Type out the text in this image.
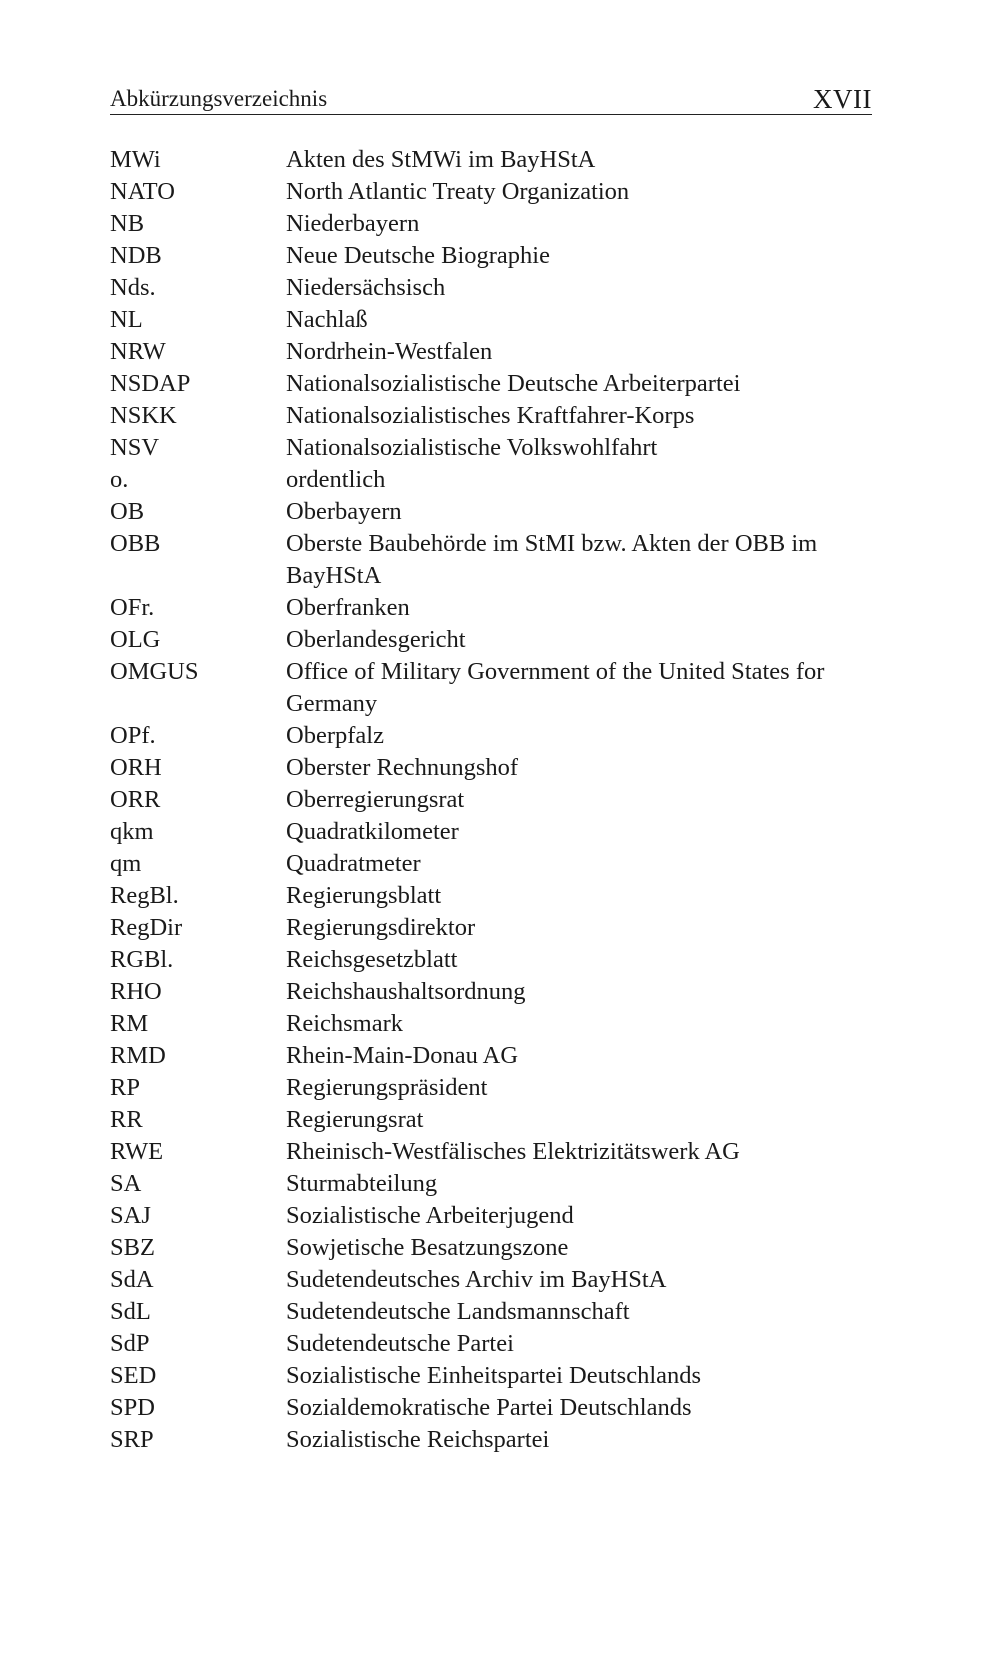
Abkürzungsverzeichnis	XVII
MWi	Akten des StMWi im BayHStA
NATO	North Atlantic Treaty Organization
NB	Niederbayern
NDB	Neue Deutsche Biographie
Nds.	Niedersächsisch
NL	Nachlaß
NRW	Nordrhein-Westfalen
NSDAP	Nationalsozialistische Deutsche Arbeiterpartei
NSKK	Nationalsozialistisches Kraftfahrer-Korps
NSV	Nationalsozialistische Volkswohlfahrt
o.	ordentlich
OB	Oberbayern
OBB	Oberste Baubehörde im StMI bzw. Akten der OBB im BayHStA
OFr.	Oberfranken
OLG	Oberlandesgericht
OMGUS	Office of Military Government of the United States for Germany
OPf.	Oberpfalz
ORH	Oberster Rechnungshof
ORR	Oberregierungsrat
qkm	Quadratkilometer
qm	Quadratmeter
RegBl.	Regierungsblatt
RegDir	Regierungsdirektor
RGBl.	Reichsgesetzblatt
RHO	Reichshaushaltsordnung
RM	Reichsmark
RMD	Rhein-Main-Donau AG
RP	Regierungspräsident
RR	Regierungsrat
RWE	Rheinisch-Westfälisches Elektrizitätswerk AG
SA	Sturmabteilung
SAJ	Sozialistische Arbeiterjugend
SBZ	Sowjetische Besatzungszone
SdA	Sudetendeutsches Archiv im BayHStA
SdL	Sudetendeutsche Landsmannschaft
SdP	Sudetendeutsche Partei
SED	Sozialistische Einheitspartei Deutschlands
SPD	Sozialdemokratische Partei Deutschlands
SRP	Sozialistische Reichspartei
